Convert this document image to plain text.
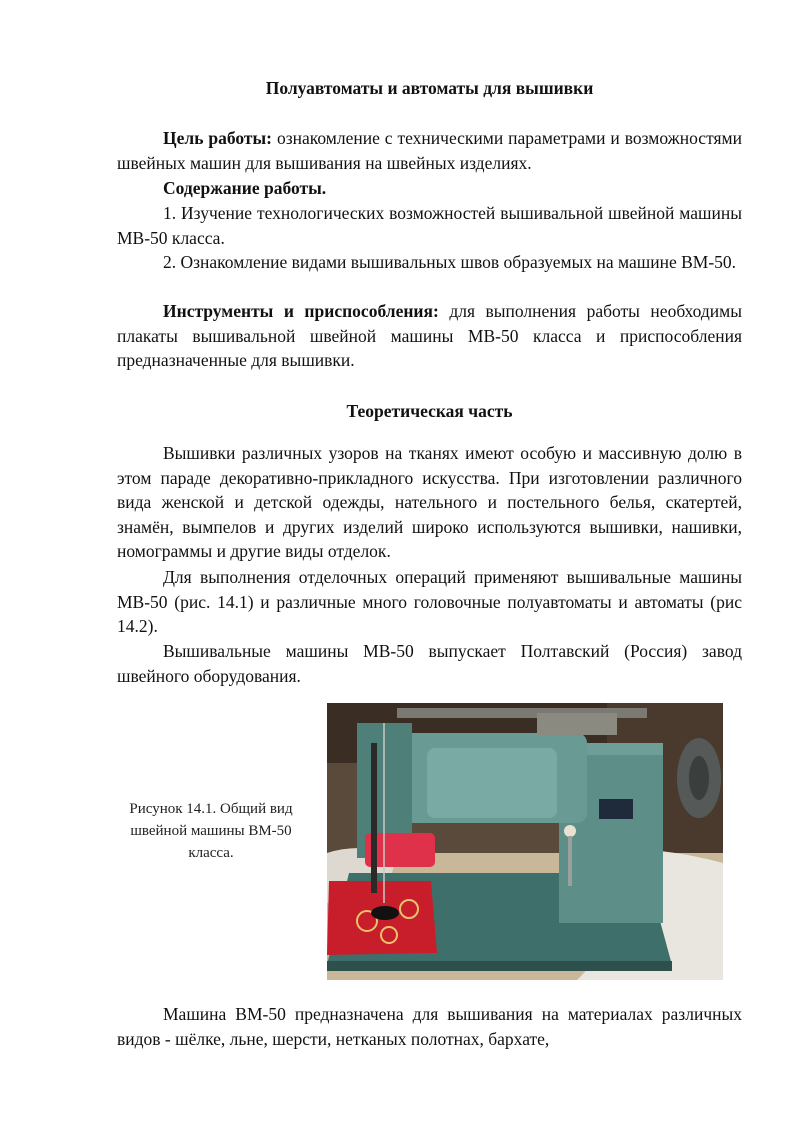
Полуавтоматы и автоматы для вышивки
Цель работы: ознакомление с техническими параметрами и возможностями швейных машин для вышивания на швейных изделиях.
Содержание работы.
1. Изучение технологических возможностей вышивальной швейной машины МВ-50 класса.
2. Ознакомление видами вышивальных швов образуемых на машине ВМ-50.
Инструменты и приспособления: для выполнения работы необходимы плакаты вышивальной швейной машины МВ-50 класса и приспособления предназначенные для вышивки.
Теоретическая часть
Вышивки различных узоров на тканях имеют особую и массивную долю в этом параде декоративно-прикладного искусства. При изготовлении различного вида женской и детской одежды, нательного и постельного белья, скатертей, знамён, вымпелов и других изделий широко используются вышивки, нашивки, номограммы и другие виды отделок.
Для выполнения отделочных операций применяют вышивальные машины МВ-50 (рис. 14.1) и различные много головочные полуавтоматы и автоматы (рис 14.2).
Вышивальные машины МВ-50 выпускает Полтавский (Россия) завод швейного оборудования.
Рисунок 14.1. Общий вид швейной машины ВМ-50 класса.
Машина ВМ-50 предназначена для вышивания на материалах различных видов - шёлке, льне, шерсти, нетканых полотнах, бархате,
